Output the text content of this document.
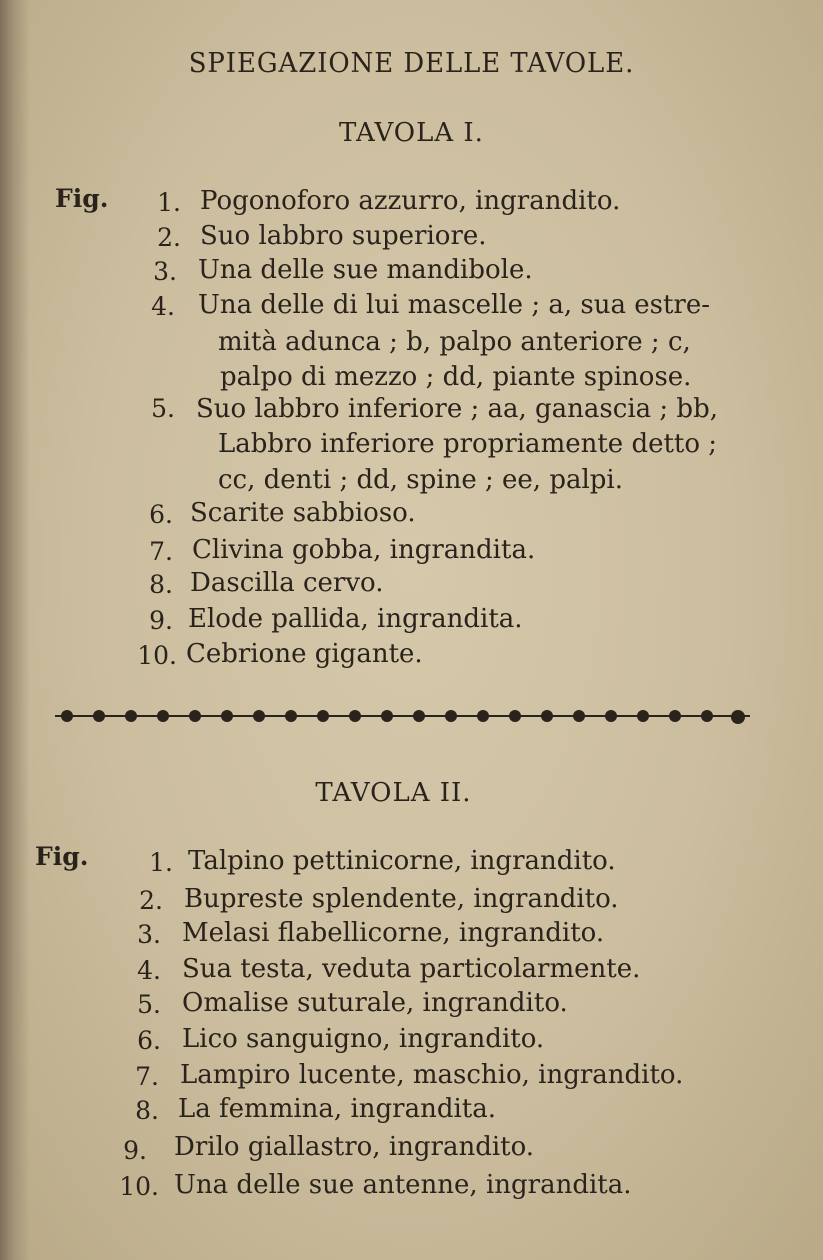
SPIEGAZIONE DELLE TAVOLE.
TAVOLA I.
Fig. 1. Pogonoforo azzurro, ingrandito.
2. Suo labbro superiore.
3. Una delle sue mandibole.
4. Una delle di lui mascelle ; a, sua estre-
mità adunca ; b, palpo anteriore ; c,
palpo di mezzo ; dd, piante spinose.
5. Suo labbro inferiore ; aa, ganascia ; bb,
Labbro inferiore propriamente detto ;
cc, denti ; dd, spine ; ee, palpi.
6. Scarite sabbioso.
7. Clivina gobba, ingrandita.
8. Dascilla cervo.
9. Elode pallida, ingrandita.
10. Cebrione gigante.
TAVOLA II.
Fig. 1. Talpino pettinicorne, ingrandito.
2. Bupreste splendente, ingrandito.
3. Melasi flabellicorne, ingrandito.
4. Sua testa, veduta particolarmente.
5. Omalise suturale, ingrandito.
6. Lico sanguigno, ingrandito.
7. Lampiro lucente, maschio, ingrandito.
8. La femmina, ingrandita.
9. Drilo giallastro, ingrandito.
10. Una delle sue antenne, ingrandita.
